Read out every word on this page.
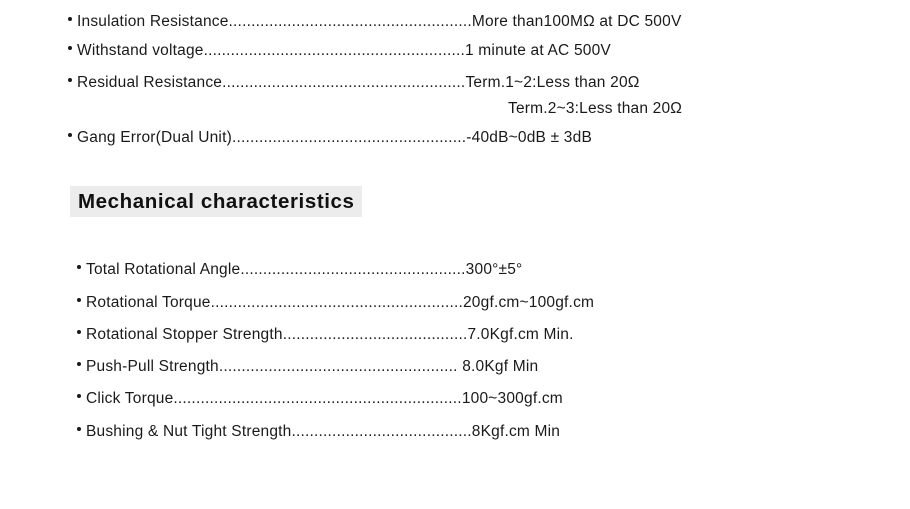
Insulation Resistance......................................................More than100MΩ at DC 500V
Withstand voltage..........................................................1 minute at AC 500V
Residual Resistance......................................................Term.1~2:Less than 20Ω
Term.2~3:Less than 20Ω
Gang Error(Dual Unit)....................................................-40dB~0dB ± 3dB
Mechanical characteristics
Total Rotational Angle..................................................300°±5°
Rotational Torque........................................................20gf.cm~100gf.cm
Rotational Stopper Strength.........................................7.0Kgf.cm Min.
Push-Pull Strength..................................................... 8.0Kgf Min
Click Torque................................................................100~300gf.cm
Bushing & Nut Tight Strength........................................8Kgf.cm Min
